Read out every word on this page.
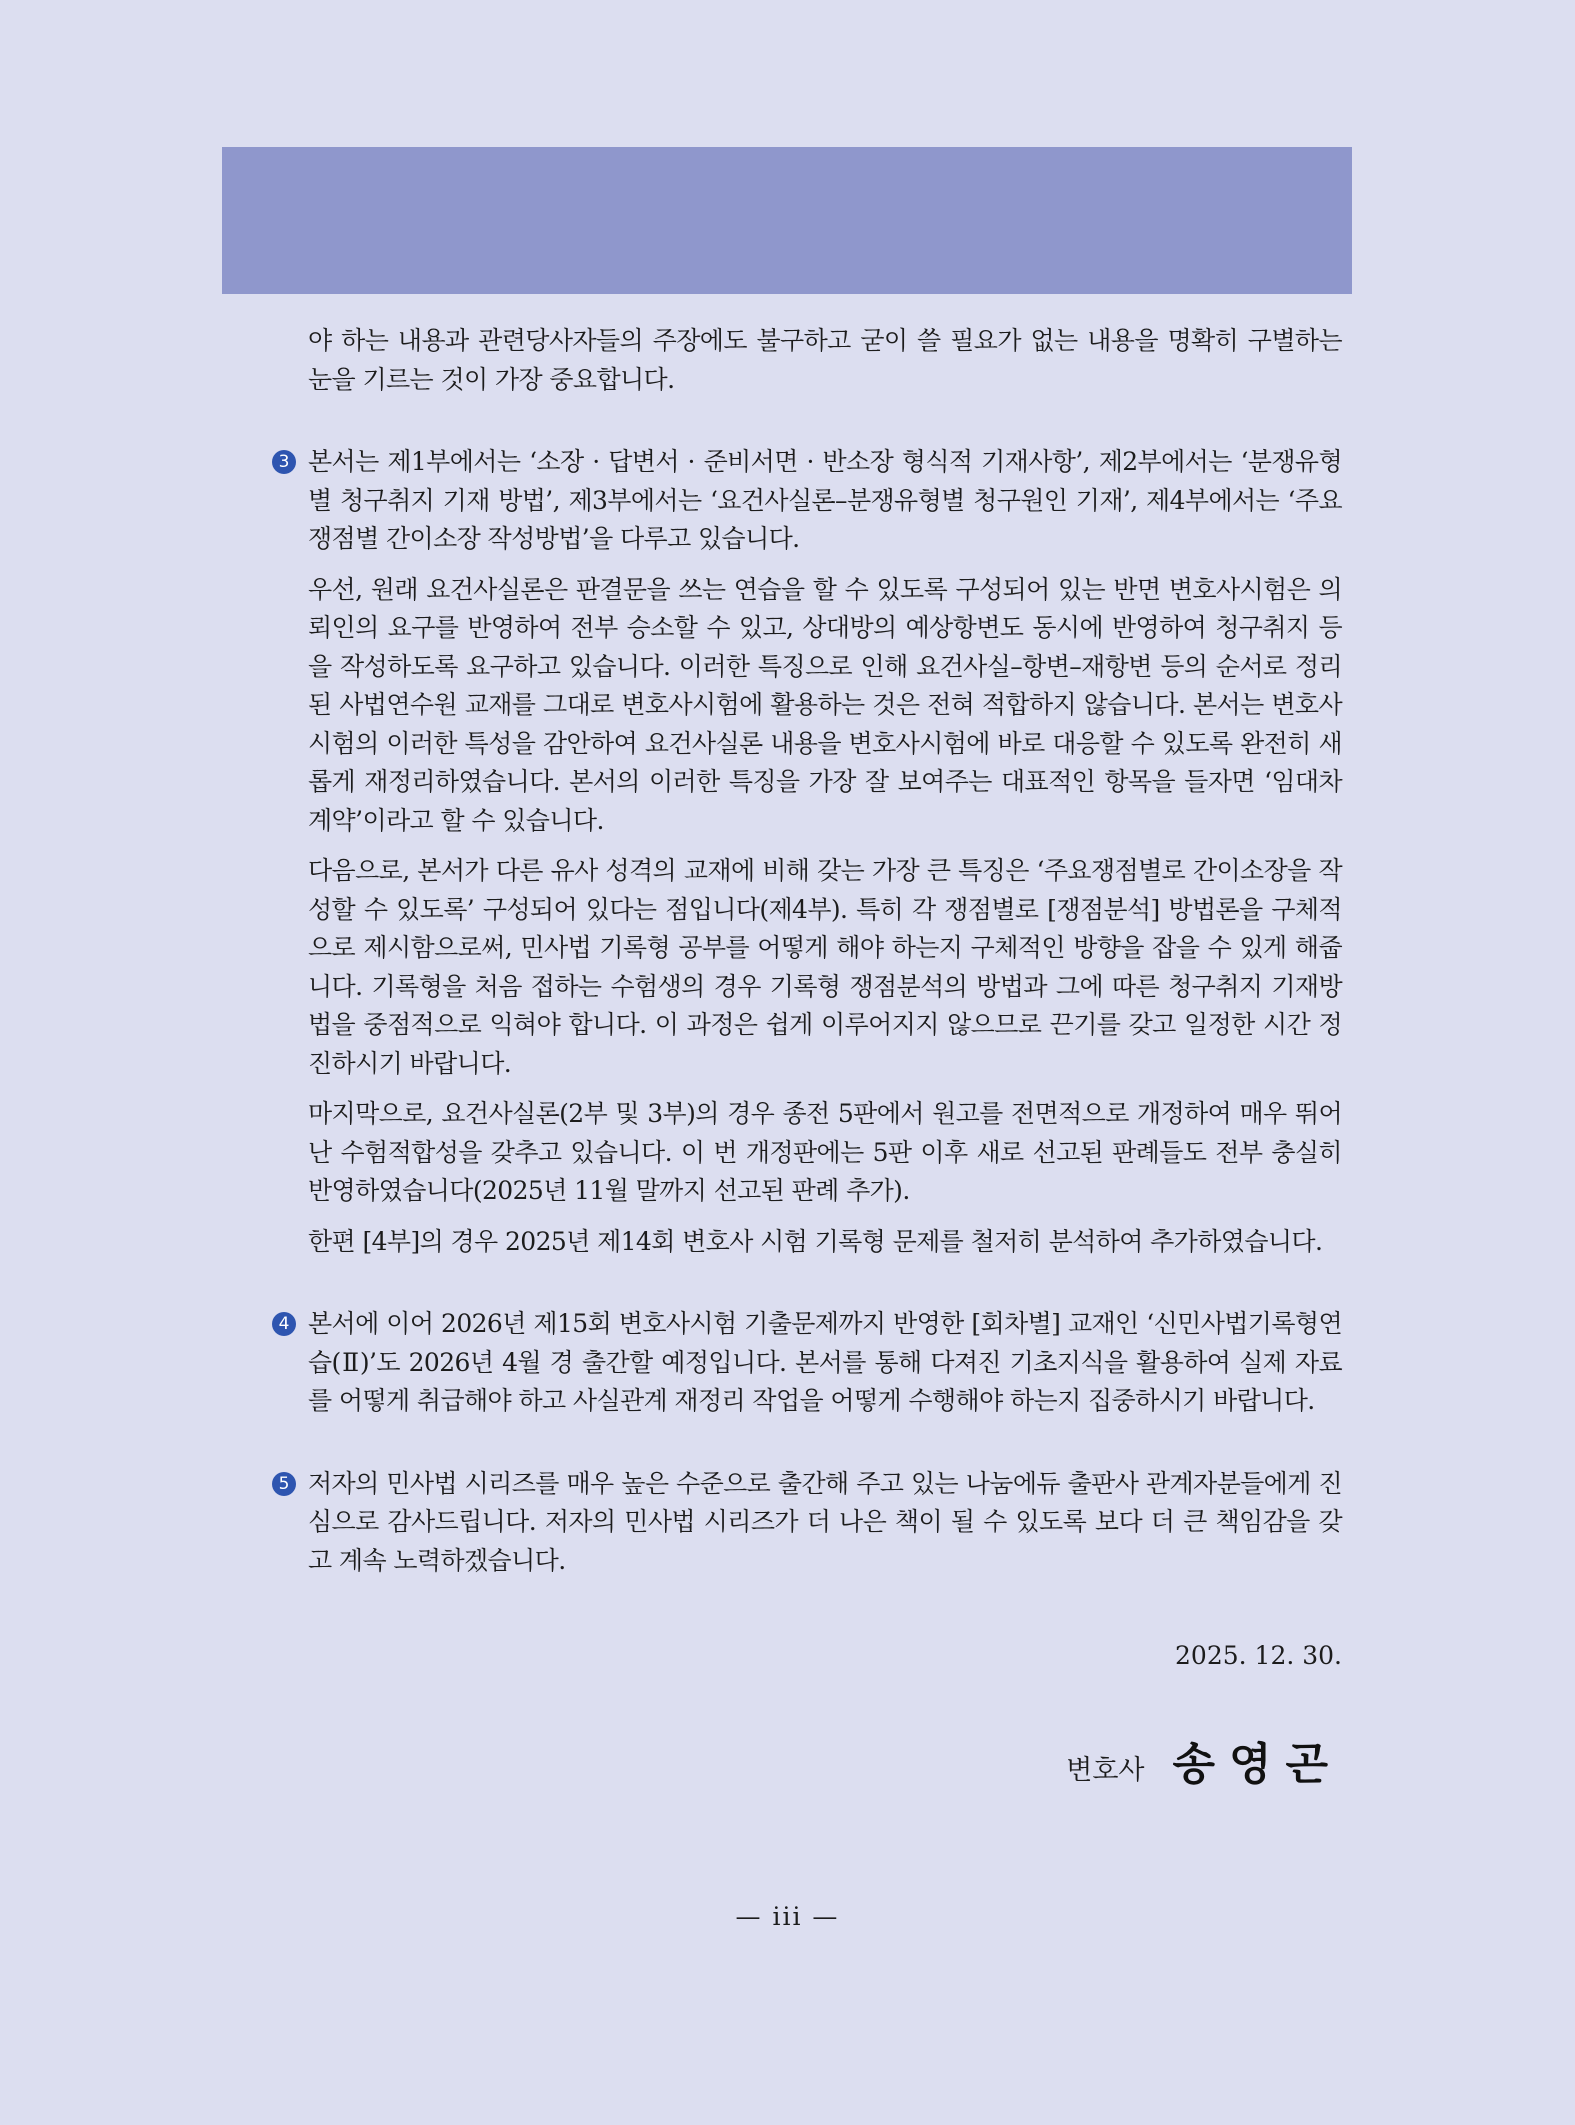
야 하는 내용과 관련당사자들의 주장에도 불구하고 굳이 쓸 필요가 없는 내용을 명확히 구별하는 눈을 기르는 것이 가장 중요합니다.

3 본서는 제1부에서는 ‘소장 · 답변서 · 준비서면 · 반소장 형식적 기재사항’, 제2부에서는 ‘분쟁유형별 청구취지 기재 방법’, 제3부에서는 ‘요건사실론–분쟁유형별 청구원인 기재’, 제4부에서는 ‘주요쟁점별 간이소장 작성방법’을 다루고 있습니다.

우선, 원래 요건사실론은 판결문을 쓰는 연습을 할 수 있도록 구성되어 있는 반면 변호사시험은 의뢰인의 요구를 반영하여 전부 승소할 수 있고, 상대방의 예상항변도 동시에 반영하여 청구취지 등을 작성하도록 요구하고 있습니다. 이러한 특징으로 인해 요건사실–항변–재항변 등의 순서로 정리된 사법연수원 교재를 그대로 변호사시험에 활용하는 것은 전혀 적합하지 않습니다. 본서는 변호사시험의 이러한 특성을 감안하여 요건사실론 내용을 변호사시험에 바로 대응할 수 있도록 완전히 새롭게 재정리하였습니다. 본서의 이러한 특징을 가장 잘 보여주는 대표적인 항목을 들자면 ‘임대차계약’이라고 할 수 있습니다.

다음으로, 본서가 다른 유사 성격의 교재에 비해 갖는 가장 큰 특징은 ‘주요쟁점별로 간이소장을 작성할 수 있도록’ 구성되어 있다는 점입니다(제4부). 특히 각 쟁점별로 [쟁점분석] 방법론을 구체적으로 제시함으로써, 민사법 기록형 공부를 어떻게 해야 하는지 구체적인 방향을 잡을 수 있게 해줍니다. 기록형을 처음 접하는 수험생의 경우 기록형 쟁점분석의 방법과 그에 따른 청구취지 기재방법을 중점적으로 익혀야 합니다. 이 과정은 쉽게 이루어지지 않으므로 끈기를 갖고 일정한 시간 정진하시기 바랍니다.

마지막으로, 요건사실론(2부 및 3부)의 경우 종전 5판에서 원고를 전면적으로 개정하여 매우 뛰어난 수험적합성을 갖추고 있습니다. 이 번 개정판에는 5판 이후 새로 선고된 판례들도 전부 충실히 반영하였습니다(2025년 11월 말까지 선고된 판례 추가).

한편 [4부]의 경우 2025년 제14회 변호사 시험 기록형 문제를 철저히 분석하여 추가하였습니다.

4 본서에 이어 2026년 제15회 변호사시험 기출문제까지 반영한 [회차별] 교재인 ‘신민사법기록형연습(Ⅱ)’도 2026년 4월 경 출간할 예정입니다. 본서를 통해 다져진 기초지식을 활용하여 실제 자료를 어떻게 취급해야 하고 사실관계 재정리 작업을 어떻게 수행해야 하는지 집중하시기 바랍니다.

5 저자의 민사법 시리즈를 매우 높은 수준으로 출간해 주고 있는 나눔에듀 출판사 관계자분들에게 진심으로 감사드립니다. 저자의 민사법 시리즈가 더 나은 책이 될 수 있도록 보다 더 큰 책임감을 갖고 계속 노력하겠습니다.

2025. 12. 30.
변호사 송영곤
— iii —
